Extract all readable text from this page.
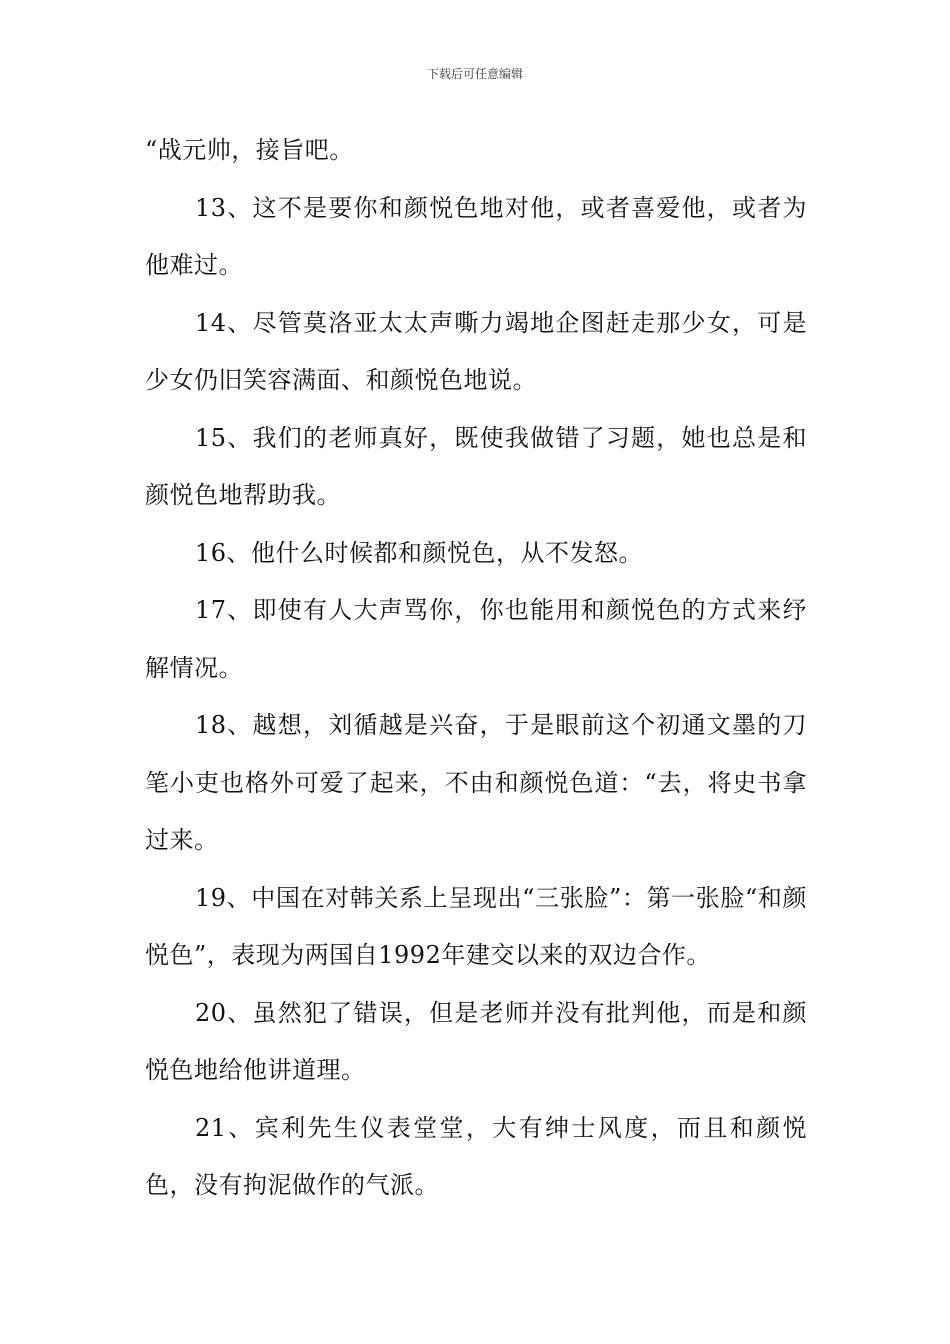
下载后可任意编辑

“战元帅，接旨吧。

13、这不是要你和颜悦色地对他，或者喜爱他，或者为他难过。

14、尽管莫洛亚太太声嘶力竭地企图赶走那少女，可是少女仍旧笑容满面、和颜悦色地说。

15、我们的老师真好，既使我做错了习题，她也总是和颜悦色地帮助我。

16、他什么时候都和颜悦色，从不发怒。

17、即使有人大声骂你，你也能用和颜悦色的方式来纾解情况。

18、越想，刘循越是兴奋，于是眼前这个初通文墨的刀笔小吏也格外可爱了起来，不由和颜悦色道：“去，将史书拿过来。

19、中国在对韩关系上呈现出“三张脸”：第一张脸“和颜悦色”，表现为两国自1992年建交以来的双边合作。

20、虽然犯了错误，但是老师并没有批判他，而是和颜悦色地给他讲道理。

21、宾利先生仪表堂堂，大有绅士风度，而且和颜悦色，没有拘泥做作的气派。
